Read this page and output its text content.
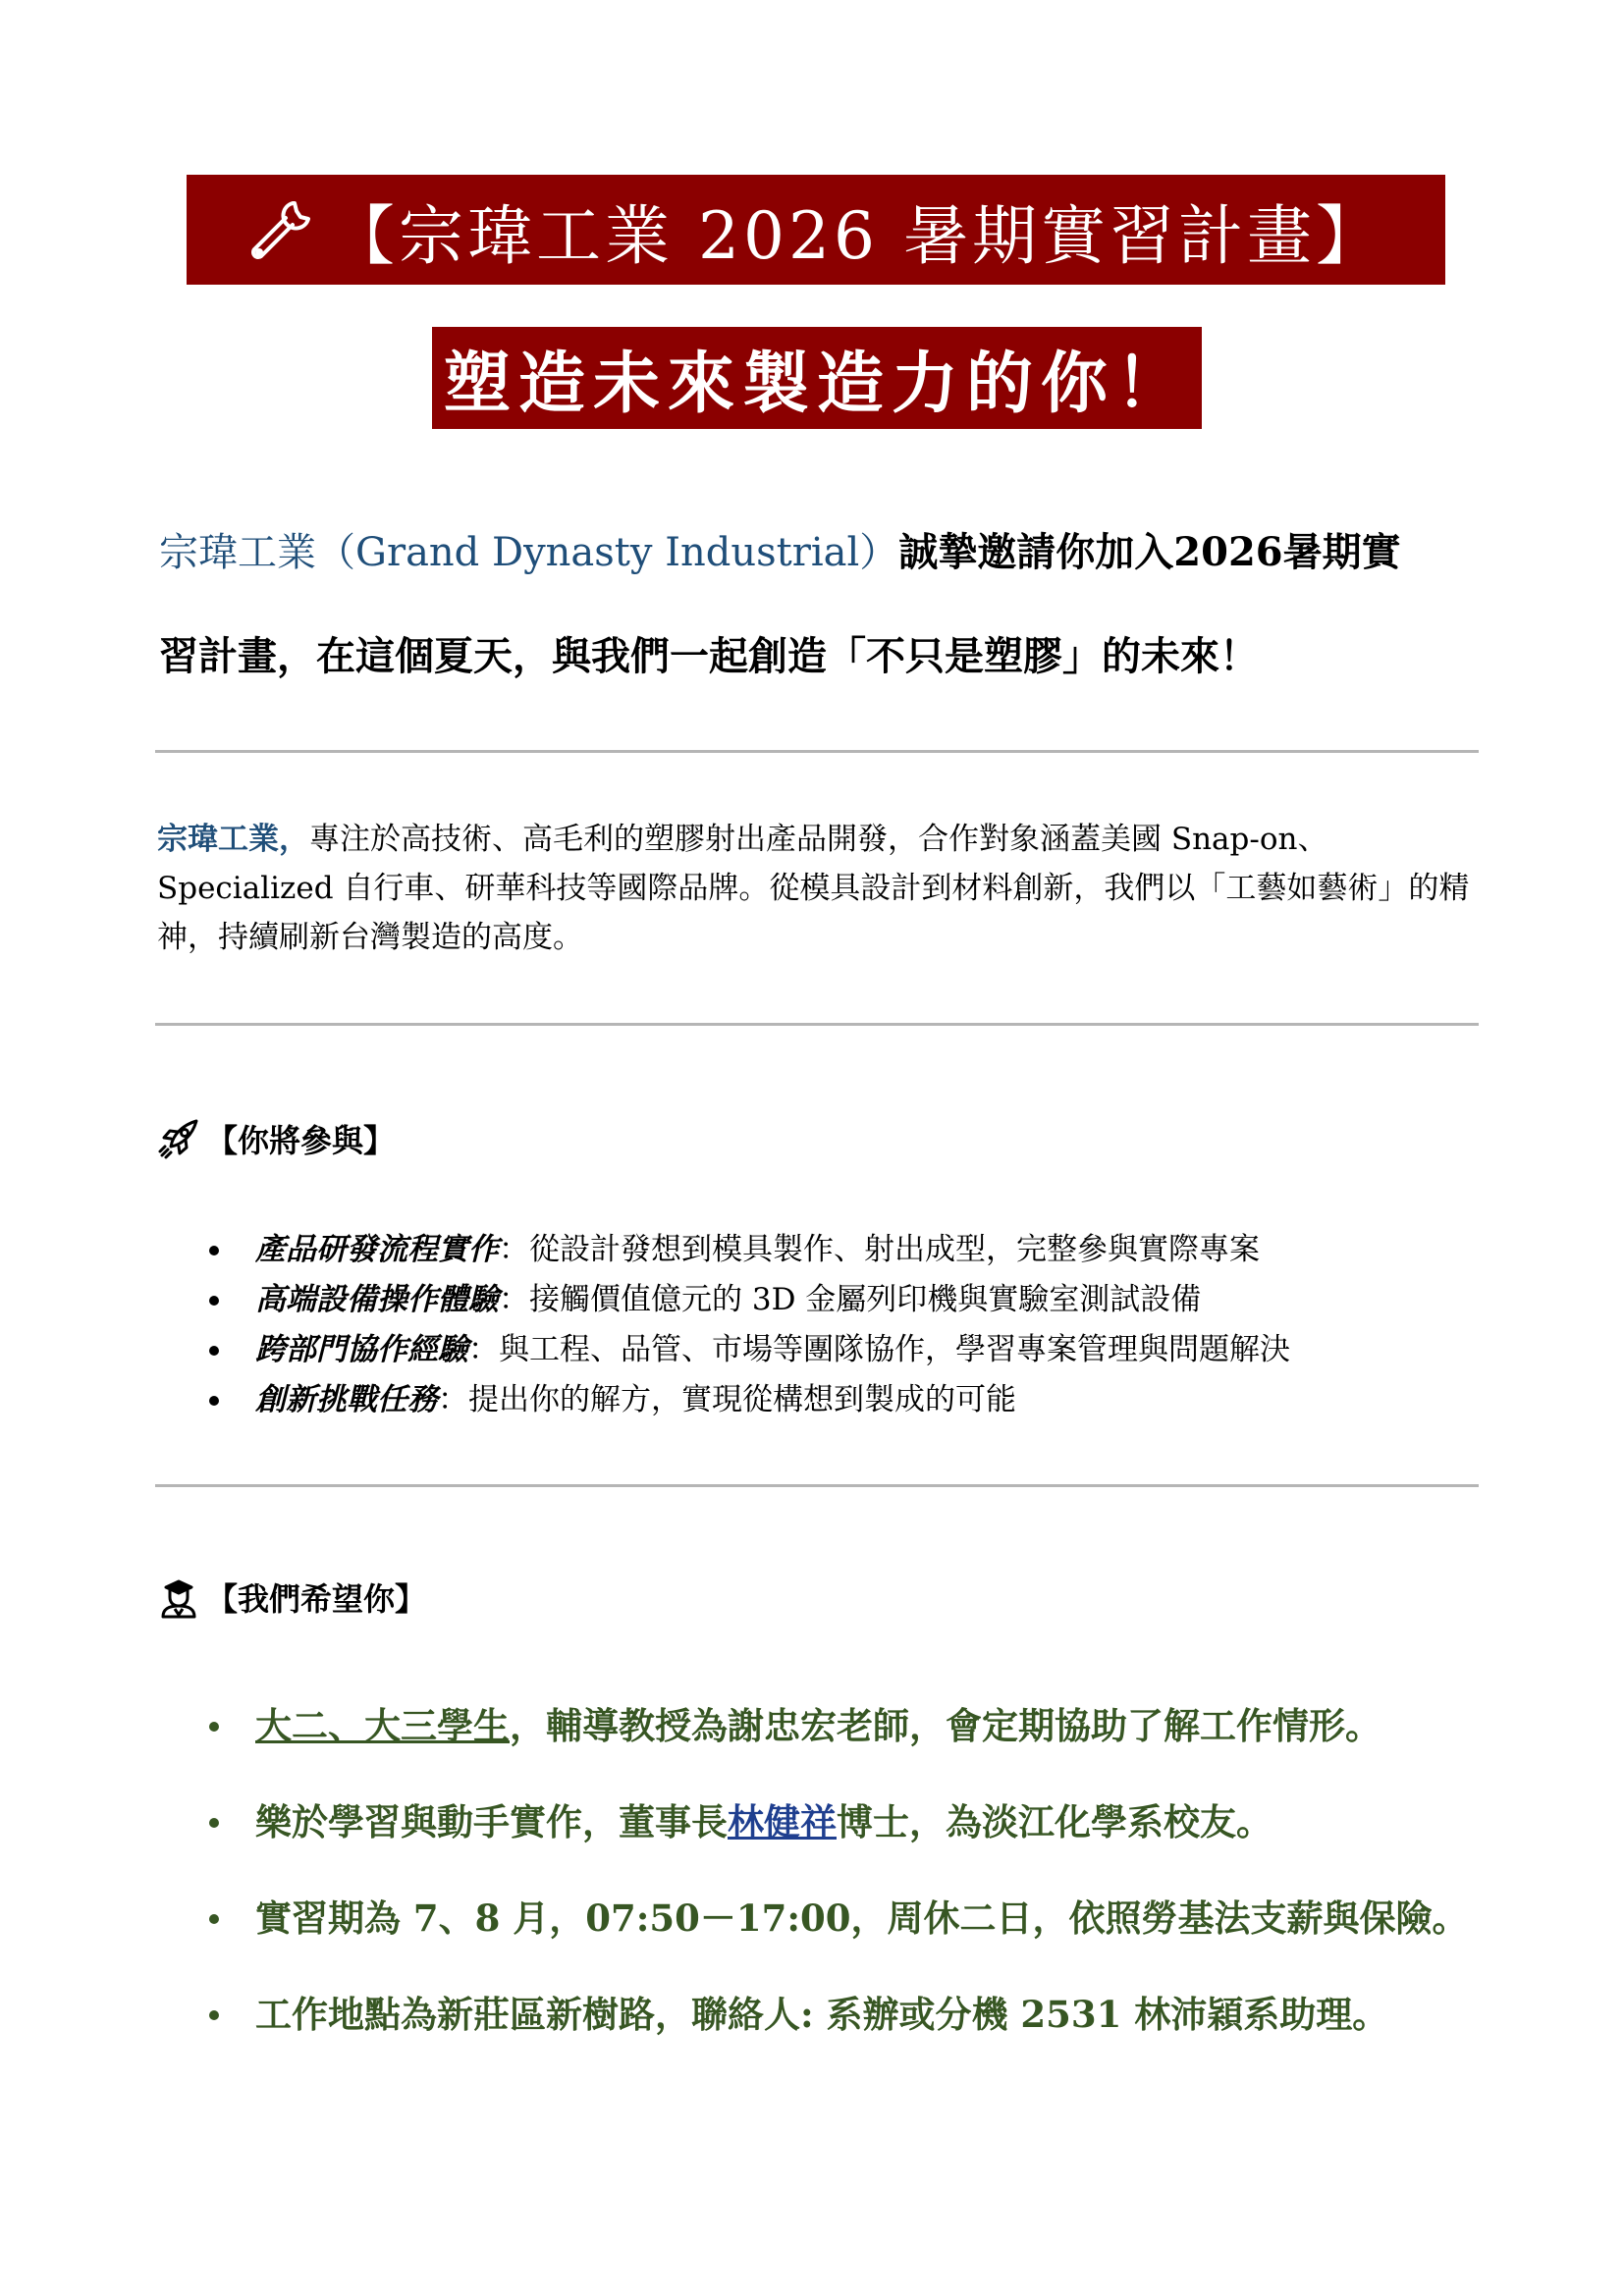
【宗瑋工業 2026 暑期實習計畫】
塑造未來製造力的你！
宗瑋工業（Grand Dynasty Industrial）誠摯邀請你加入2026暑期實
習計畫，在這個夏天，與我們一起創造「不只是塑膠」的未來！
宗瑋工業，專注於高技術、高毛利的塑膠射出產品開發，合作對象涵蓋美國 Snap-on、Specialized 自行車、研華科技等國際品牌。從模具設計到材料創新，我們以「工藝如藝術」的精神，持續刷新台灣製造的高度。
【你將參與】
產品研發流程實作：從設計發想到模具製作、射出成型，完整參與實際專案
高端設備操作體驗：接觸價值億元的 3D 金屬列印機與實驗室測試設備
跨部門協作經驗：與工程、品管、市場等團隊協作，學習專案管理與問題解決
創新挑戰任務：提出你的解方，實現從構想到製成的可能
【我們希望你】
大二、大三學生，輔導教授為謝忠宏老師，會定期協助了解工作情形。
樂於學習與動手實作，董事長林健祥博士，為淡江化學系校友。
實習期為 7、8 月，07:50－17:00，周休二日，依照勞基法支薪與保險。
工作地點為新莊區新樹路，聯絡人: 系辦或分機 2531 林沛穎系助理。
